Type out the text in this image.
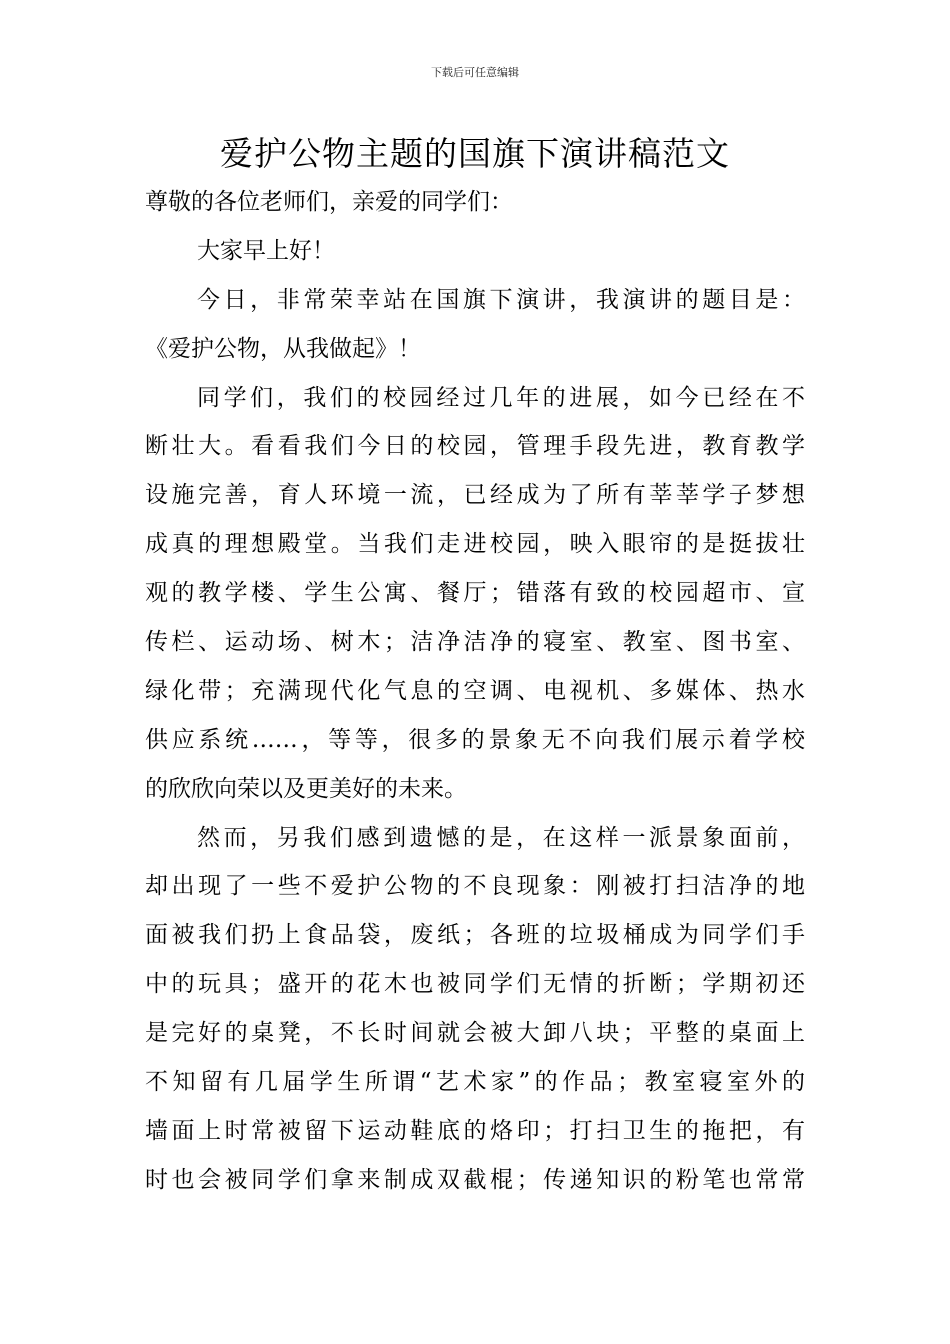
下载后可任意编辑
爱护公物主题的国旗下演讲稿范文
尊敬的各位老师们，亲爱的同学们：
大家早上好！
今日，非常荣幸站在国旗下演讲，我演讲的题目是：
《爱护公物，从我做起》！
同学们，我们的校园经过几年的进展，如今已经在不
断壮大。看看我们今日的校园，管理手段先进，教育教学
设施完善，育人环境一流，已经成为了所有莘莘学子梦想
成真的理想殿堂。当我们走进校园，映入眼帘的是挺拔壮
观的教学楼、学生公寓、餐厅；错落有致的校园超市、宣
传栏、运动场、树木；洁净洁净的寝室、教室、图书室、
绿化带；充满现代化气息的空调、电视机、多媒体、热水
供应系统……，等等，很多的景象无不向我们展示着学校
的欣欣向荣以及更美好的未来。
然而，另我们感到遗憾的是，在这样一派景象面前，
却出现了一些不爱护公物的不良现象：刚被打扫洁净的地
面被我们扔上食品袋，废纸；各班的垃圾桶成为同学们手
中的玩具；盛开的花木也被同学们无情的折断；学期初还
是完好的桌凳，不长时间就会被大卸八块；平整的桌面上
不知留有几届学生所谓“艺术家”的作品；教室寝室外的
墙面上时常被留下运动鞋底的烙印；打扫卫生的拖把，有
时也会被同学们拿来制成双截棍；传递知识的粉笔也常常
